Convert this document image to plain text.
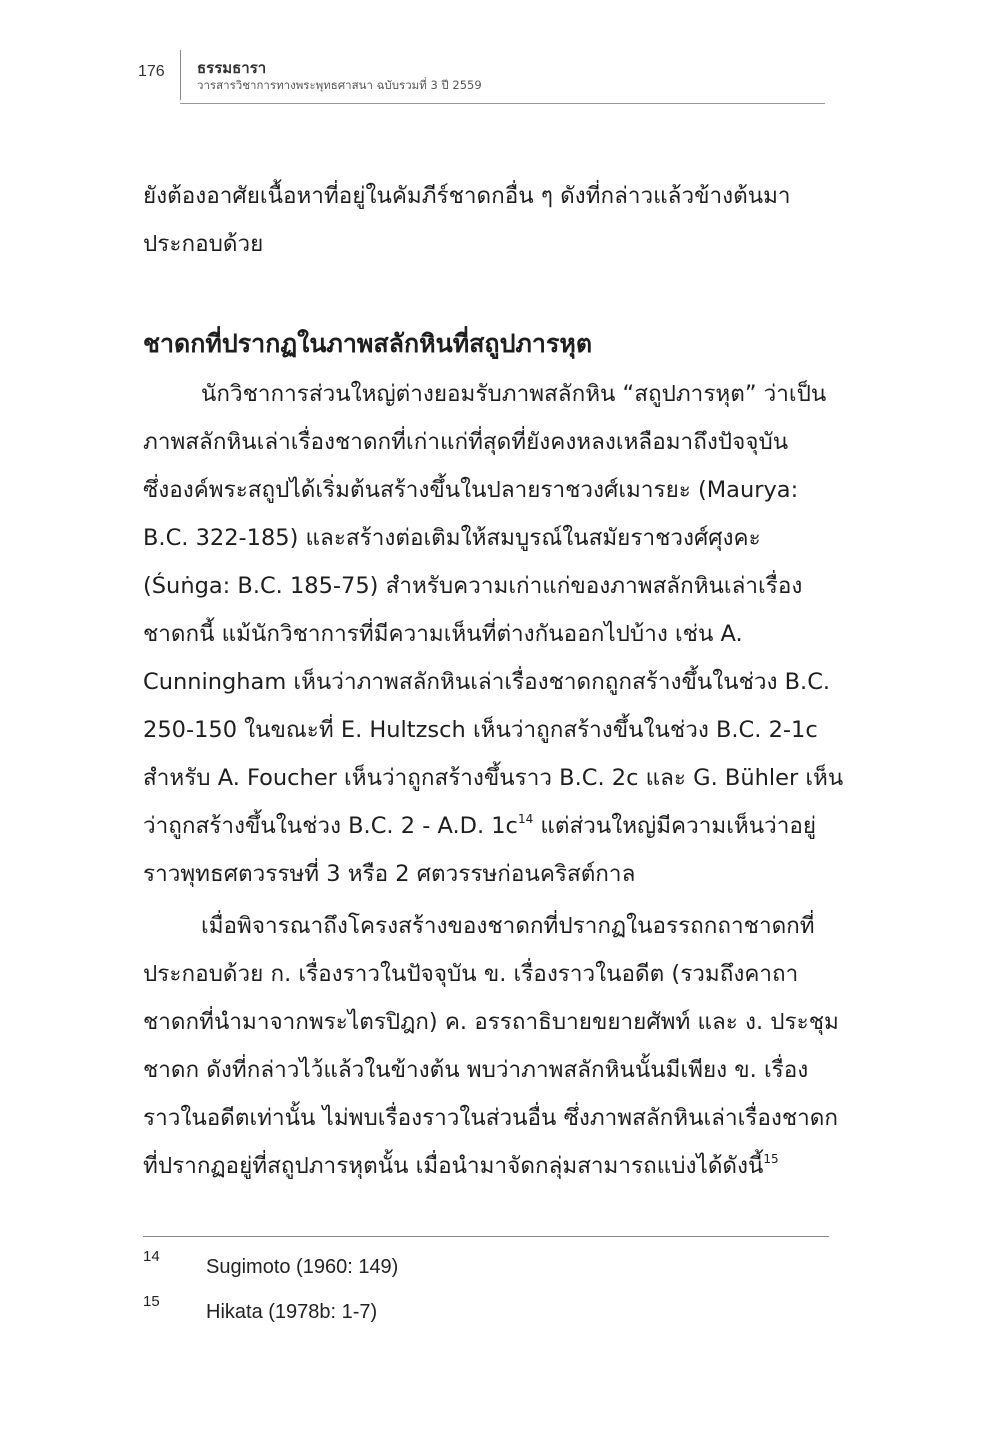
176 ธรรมธารา
วารสารวิชาการทางพระพุทธศาสนา ฉบับรวมที่ 3 ปี 2559

ยังต้องอาศัยเนื้อหาที่อยู่ในคัมภีร์ชาดกอื่น ๆ ดังที่กล่าวแล้วข้างต้นมา
ประกอบด้วย

ชาดกที่ปรากฏในภาพสลักหินที่สถูปภารหุต

นักวิชาการส่วนใหญ่ต่างยอมรับภาพสลักหิน “สถูปภารหุต” ว่าเป็น
ภาพสลักหินเล่าเรื่องชาดกที่เก่าแก่ที่สุดที่ยังคงหลงเหลือมาถึงปัจจุบัน
ซึ่งองค์พระสถูปได้เริ่มต้นสร้างขึ้นในปลายราชวงศ์เมารยะ (Maurya:
B.C. 322-185) และสร้างต่อเติมให้สมบูรณ์ในสมัยราชวงศ์ศุงคะ
(Śuṅga: B.C. 185-75) สำหรับความเก่าแก่ของภาพสลักหินเล่าเรื่อง
ชาดกนี้ แม้นักวิชาการที่มีความเห็นที่ต่างกันออกไปบ้าง เช่น A.
Cunningham เห็นว่าภาพสลักหินเล่าเรื่องชาดกถูกสร้างขึ้นในช่วง B.C.
250-150 ในขณะที่ E. Hultzsch เห็นว่าถูกสร้างขึ้นในช่วง B.C. 2-1c
สำหรับ A. Foucher เห็นว่าถูกสร้างขึ้นราว B.C. 2c และ G. Bühler เห็น
ว่าถูกสร้างขึ้นในช่วง B.C. 2 - A.D. $1c^{14}$ แต่ส่วนใหญ่มีความเห็นว่าอยู่
ราวพุทธศตวรรษที่ 3 หรือ 2 ศตวรรษก่อนคริสต์กาล

เมื่อพิจารณาถึงโครงสร้างของชาดกที่ปรากฏในอรรถกถาชาดกที่
ประกอบด้วย ก. เรื่องราวในปัจจุบัน ข. เรื่องราวในอดีต (รวมถึงคาถา
ชาดกที่นำมาจากพระไตรปิฎก) ค. อรรถาธิบายขยายศัพท์ และ ง. ประชุม
ชาดก ดังที่กล่าวไว้แล้วในข้างต้น พบว่าภาพสลักหินนั้นมีเพียง ข. เรื่อง
ราวในอดีตเท่านั้น ไม่พบเรื่องราวในส่วนอื่น ซึ่งภาพสลักหินเล่าเรื่องชาดก
ที่ปรากฏอยู่ที่สถูปภารหุตนั้น เมื่อนำมาจัดกลุ่มสามารถแบ่งได้ดังนี้$^{15}$

14 Sugimoto (1960: 149)
15 Hikata (1978b: 1-7)
